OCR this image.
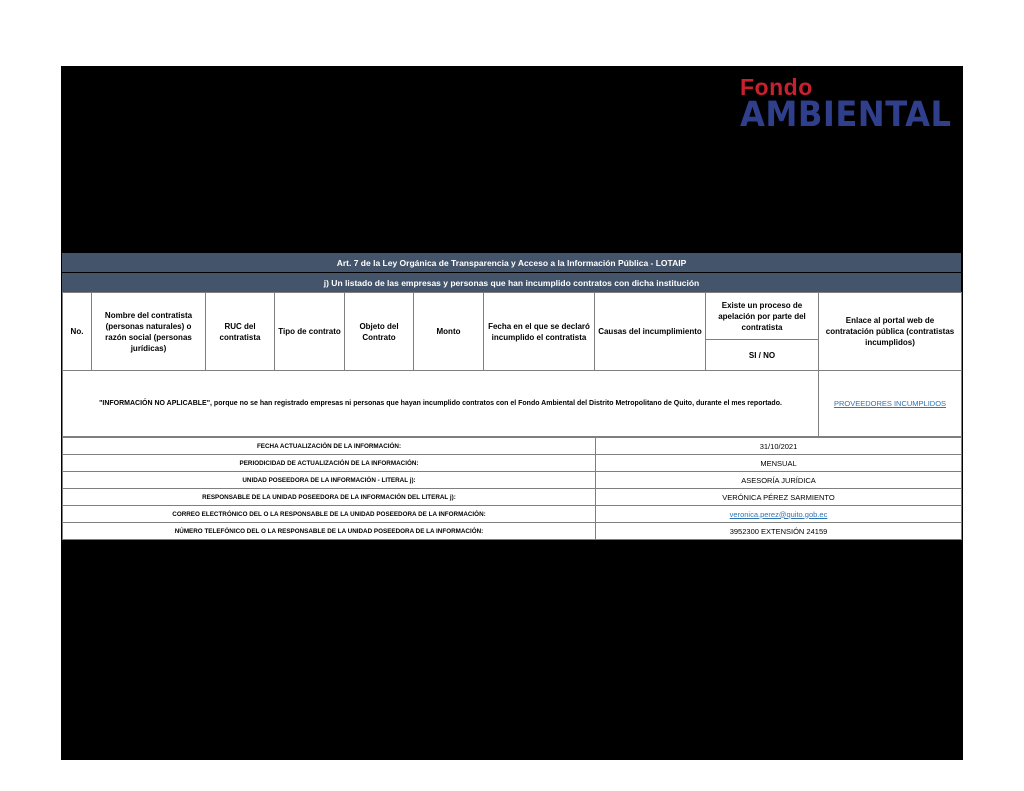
Fondo
AMBIENTAL
Art. 7 de la Ley Orgánica de Transparencia y Acceso a la Información Pública - LOTAIP
j) Un listado de las empresas y personas que han incumplido contratos con dicha institución
No.	Nombre del contratista (personas naturales) o razón social (personas jurídicas)	RUC del contratista	Tipo de contrato	Objeto del Contrato	Monto	Fecha en el que se declaró incumplido el contratista	Causas del incumplimiento	Existe un proceso de apelación por parte del contratista	Enlace al portal web de contratación pública (contratistas incumplidos)
								SI / NO	
"INFORMACIÓN NO APLICABLE", porque no se han registrado empresas ni personas que hayan incumplido contratos con el Fondo Ambiental del Distrito Metropolitano de Quito, durante el mes reportado.									PROVEEDORES INCUMPLIDOS
FECHA ACTUALIZACIÓN DE LA INFORMACIÓN:	31/10/2021
PERIODICIDAD DE ACTUALIZACIÓN DE LA INFORMACIÓN:	MENSUAL
UNIDAD POSEEDORA DE LA INFORMACIÓN - LITERAL j):	ASESORÍA JURÍDICA
RESPONSABLE DE LA UNIDAD POSEEDORA DE LA INFORMACIÓN DEL LITERAL j):	VERÓNICA PÉREZ SARMIENTO
CORREO ELECTRÓNICO DEL O LA RESPONSABLE DE LA UNIDAD POSEEDORA DE LA INFORMACIÓN:	veronica.perez@quito.gob.ec
NÚMERO TELEFÓNICO DEL O LA RESPONSABLE DE LA UNIDAD POSEEDORA DE LA INFORMACIÓN:	3952300 EXTENSIÓN 24159
